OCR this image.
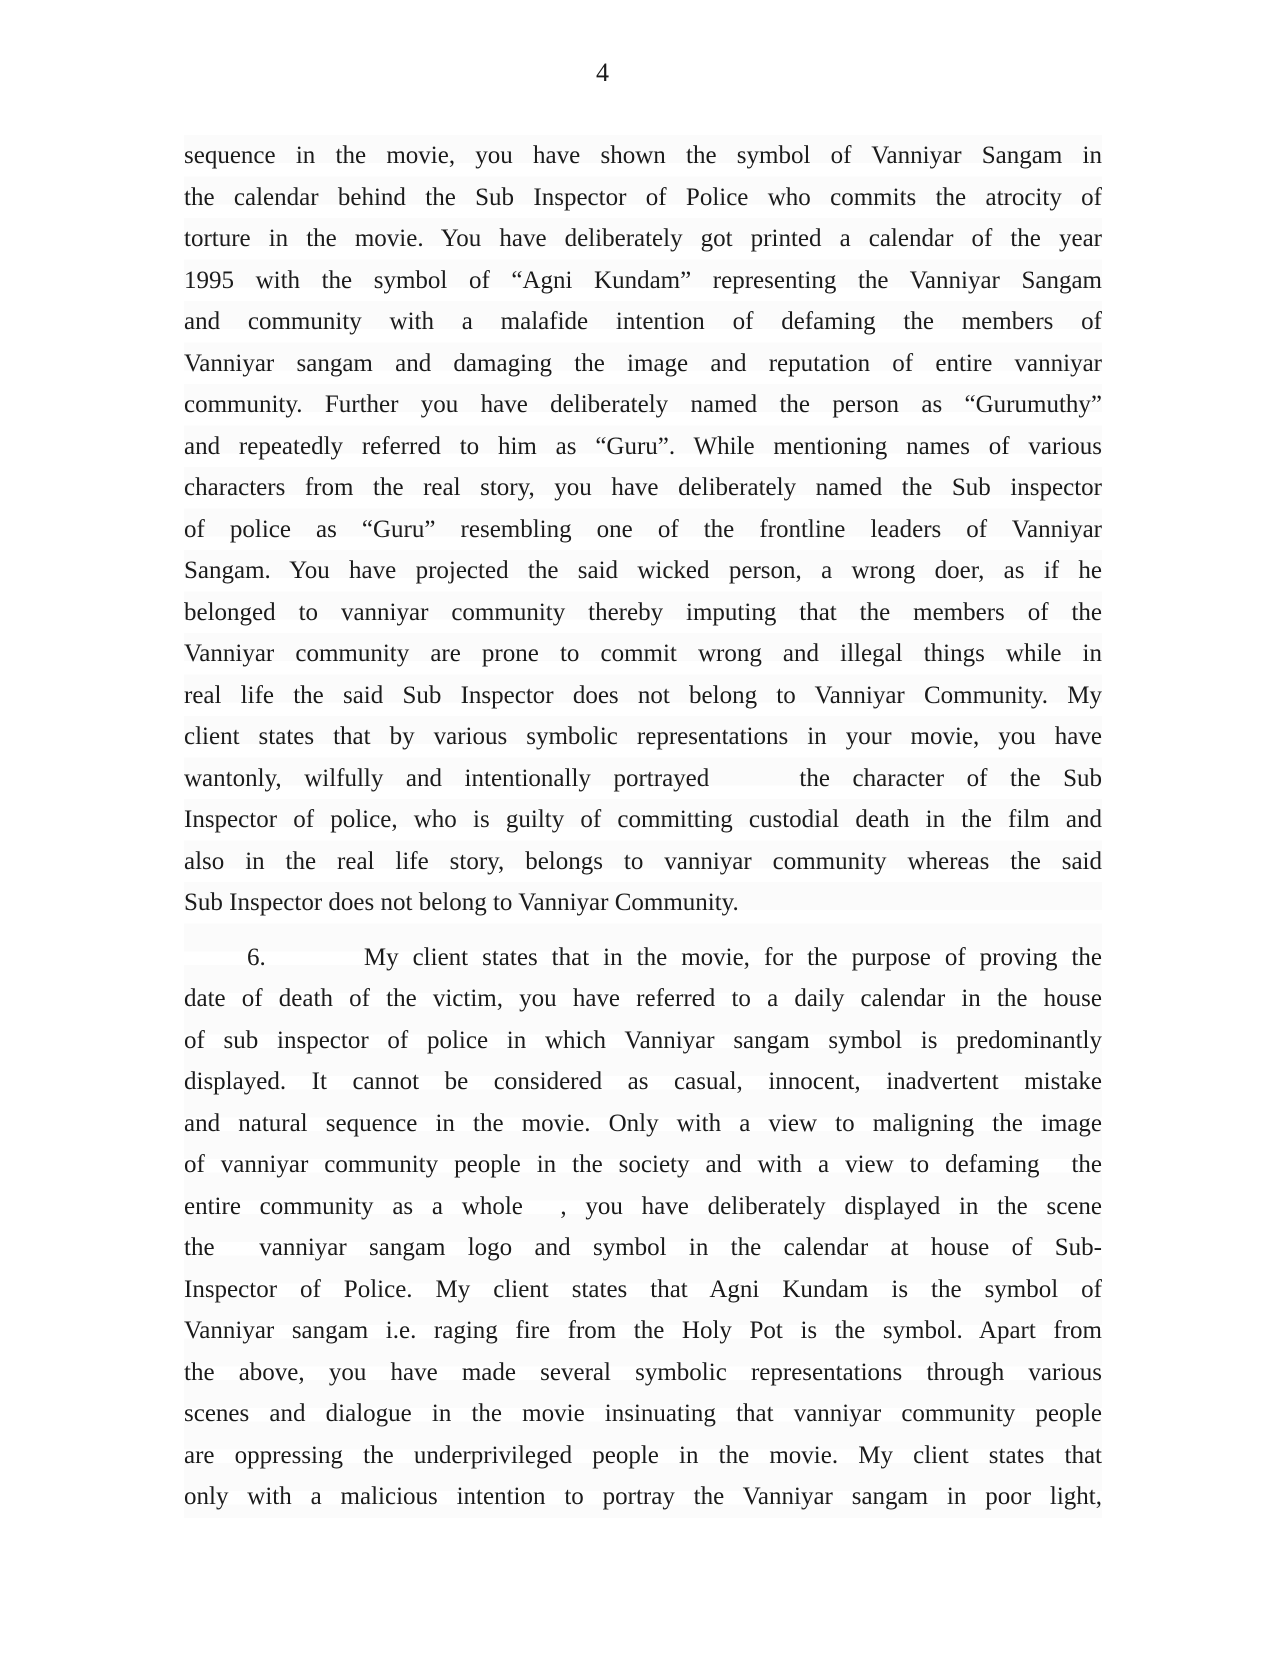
4
sequence in the movie, you have shown the symbol of Vanniyar Sangam in
the calendar behind the Sub Inspector of Police who commits the atrocity of
torture in the movie. You have deliberately got printed a calendar of the year
1995 with the symbol of “Agni Kundam” representing the Vanniyar Sangam
and community with a malafide intention of defaming the members of
Vanniyar sangam and damaging the image and reputation of entire vanniyar
community. Further you have deliberately named the person as “Gurumuthy”
and repeatedly referred to him as “Guru”. While mentioning names of various
characters from the real story, you have deliberately named the Sub inspector
of police as “Guru” resembling one of the frontline leaders of Vanniyar
Sangam. You have projected the said wicked person, a wrong doer, as if he
belonged to vanniyar community thereby imputing that the members of the
Vanniyar community are prone to commit wrong and illegal things while in
real life the said Sub Inspector does not belong to Vanniyar Community. My
client states that by various symbolic representations in your movie, you have
wantonly, wilfully and intentionally portrayed    the character of the Sub
Inspector of police, who is guilty of committing custodial death in the film and
also in the real life story, belongs to vanniyar community whereas the said
Sub Inspector does not belong to Vanniyar Community.
6.       My client states that in the movie, for the purpose of proving the
date of death of the victim, you have referred to a daily calendar in the house
of sub inspector of police in which Vanniyar sangam symbol is predominantly
displayed. It cannot be considered as casual, innocent, inadvertent mistake
and natural sequence in the movie. Only with a view to maligning the image
of vanniyar community people in the society and with a view to defaming  the
entire community as a whole  , you have deliberately displayed in the scene
the  vanniyar sangam logo and symbol in the calendar at house of Sub-
Inspector of Police. My client states that Agni Kundam is the symbol of
Vanniyar sangam i.e. raging fire from the Holy Pot is the symbol. Apart from
the above, you have made several symbolic representations through various
scenes and dialogue in the movie insinuating that vanniyar community people
are oppressing the underprivileged people in the movie. My client states that
only with a malicious intention to portray the Vanniyar sangam in poor light,
